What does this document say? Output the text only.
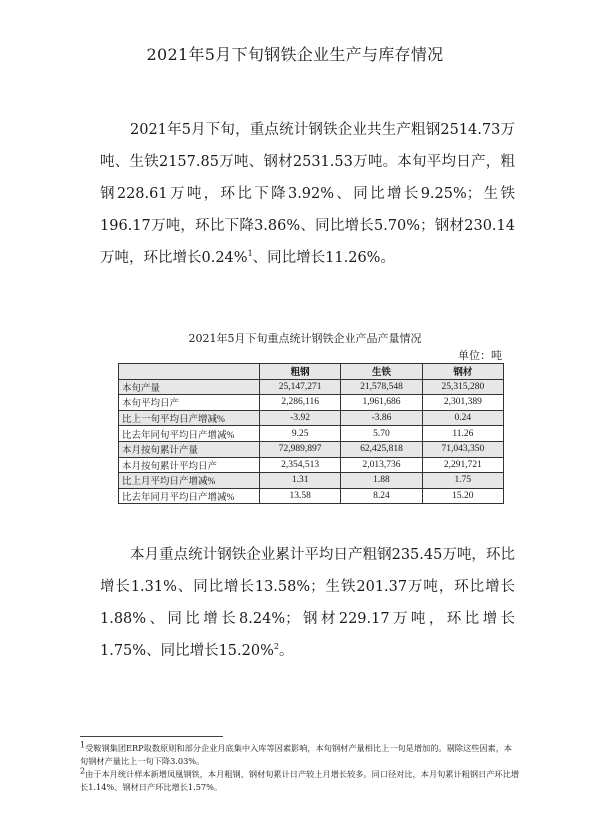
2021年5月下旬钢铁企业生产与库存情况

2021年5月下旬，重点统计钢铁企业共生产粗钢2514.73万吨、生铁2157.85万吨、钢材2531.53万吨。本旬平均日产，粗钢228.61万吨，环比下降3.92%、同比增长9.25%；生铁196.17万吨，环比下降3.86%、同比增长5.70%；钢材230.14万吨，环比增长0.24%$^1$、同比增长11.26%。

2021年5月下旬重点统计钢铁企业产品产量情况
单位：吨
	粗钢	生铁	钢材
本旬产量	25,147,271	21,578,548	25,315,280
本旬平均日产	2,286,116	1,961,686	2,301,389
比上一旬平均日产增减%	-3.92	-3.86	0.24
比去年同旬平均日产增减%	9.25	5.70	11.26
本月按旬累计产量	72,989,897	62,425,818	71,043,350
本月按旬累计平均日产	2,354,513	2,013,736	2,291,721
比上月平均日产增减%	1.31	1.88	1.75
比去年同月平均日产增减%	13.58	8.24	15.20

本月重点统计钢铁企业累计平均日产粗钢235.45万吨，环比增长1.31%、同比增长13.58%；生铁201.37万吨，环比增长1.88%、同比增长8.24%；钢材229.17万吨，环比增长1.75%、同比增长15.20%$^2$。

$^1$受鞍钢集团ERP取数原则和部分企业月底集中入库等因素影响，本旬钢材产量相比上一旬是增加的。剔除这些因素，本旬钢材产量比上一旬下降3.03%。

$^2$由于本月统计样本新增凤凰钢铁，本月粗钢、钢材旬累计日产较上月增长较多。同口径对比，本月旬累计粗钢日产环比增长1.14%、钢材日产环比增长1.57%。
